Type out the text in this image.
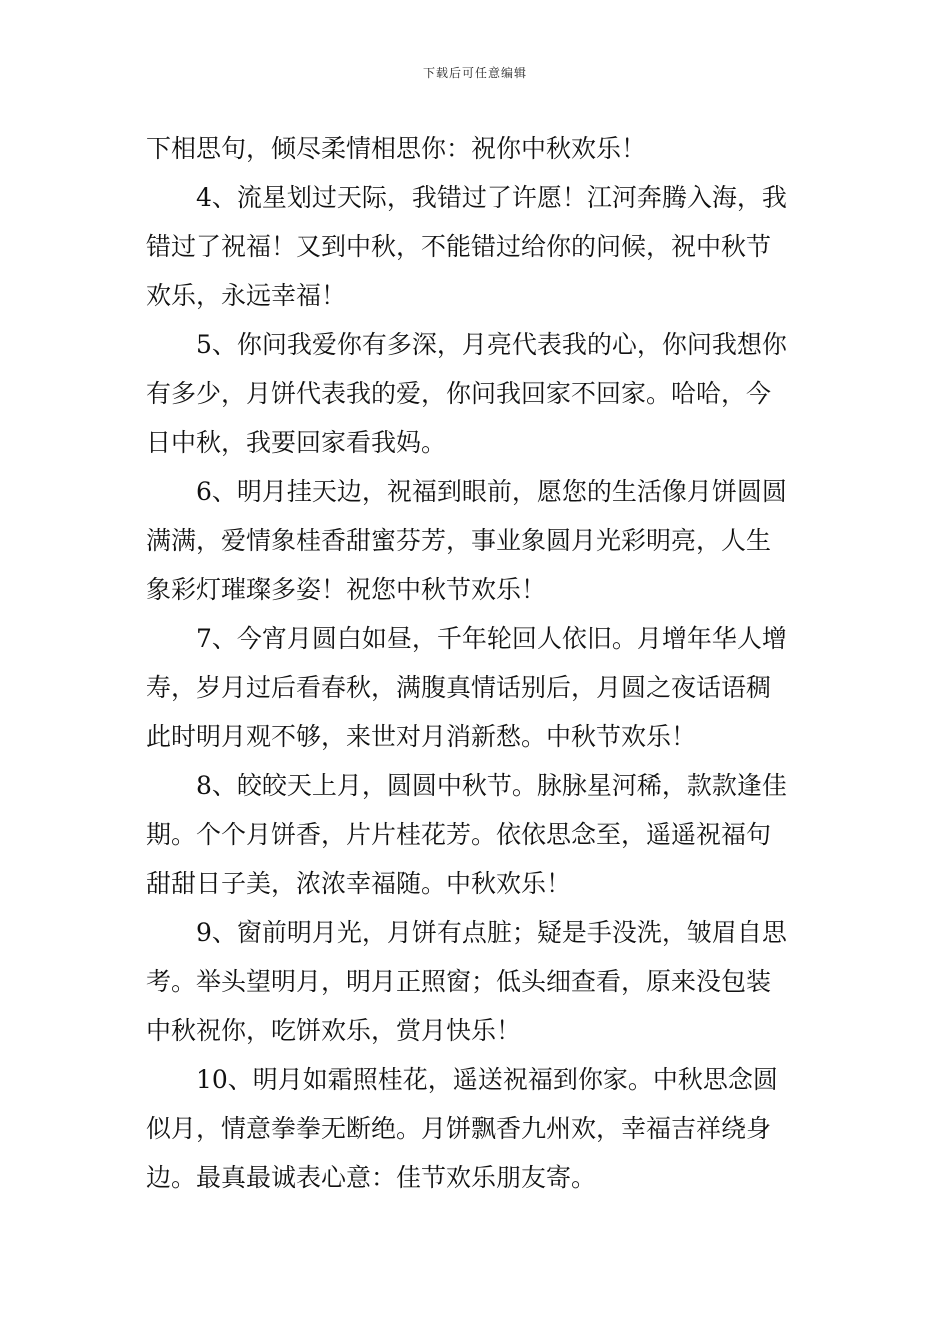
下载后可任意编辑
下相思句，倾尽柔情相思你：祝你中秋欢乐！
4、流星划过天际，我错过了许愿！江河奔腾入海，我
错过了祝福！又到中秋，不能错过给你的问候，祝中秋节
欢乐，永远幸福！
5、你问我爱你有多深，月亮代表我的心，你问我想你
有多少，月饼代表我的爱，你问我回家不回家。哈哈，今
日中秋，我要回家看我妈。
6、明月挂天边，祝福到眼前，愿您的生活像月饼圆圆
满满，爱情象桂香甜蜜芬芳，事业象圆月光彩明亮，人生
象彩灯璀璨多姿！祝您中秋节欢乐！
7、今宵月圆白如昼，千年轮回人依旧。月增年华人增
寿，岁月过后看春秋，满腹真情话别后，月圆之夜话语稠
此时明月观不够，来世对月消新愁。中秋节欢乐！
8、皎皎天上月，圆圆中秋节。脉脉星河稀，款款逢佳
期。个个月饼香，片片桂花芳。依依思念至，遥遥祝福句
甜甜日子美，浓浓幸福随。中秋欢乐！
9、窗前明月光，月饼有点脏；疑是手没洗，皱眉自思
考。举头望明月，明月正照窗；低头细查看，原来没包装
中秋祝你，吃饼欢乐，赏月快乐！
10、明月如霜照桂花，遥送祝福到你家。中秋思念圆
似月，情意拳拳无断绝。月饼飘香九州欢，幸福吉祥绕身
边。最真最诚表心意：佳节欢乐朋友寄。
